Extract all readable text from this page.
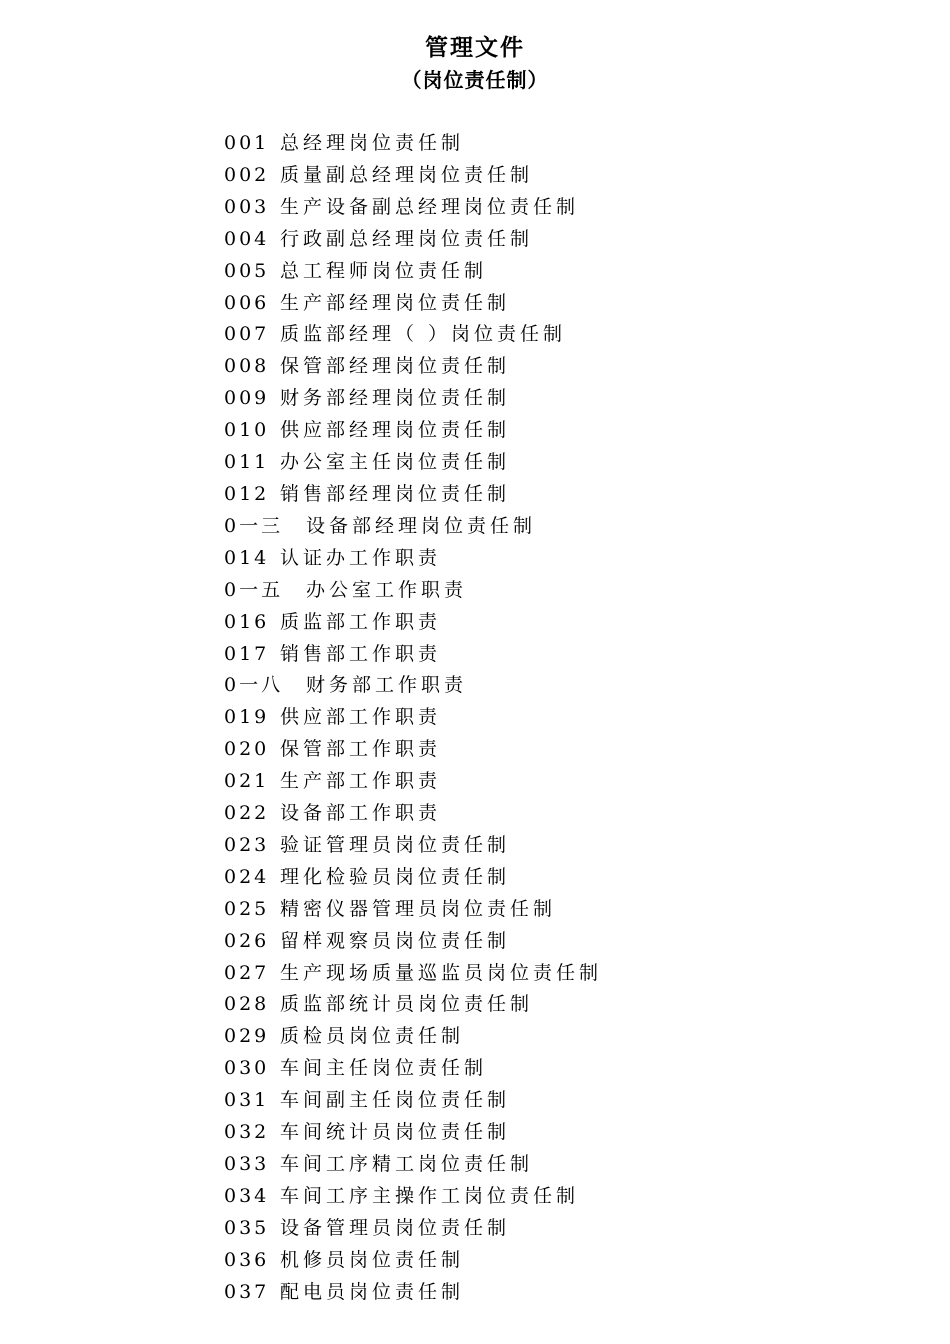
管理文件
（岗位责任制）
001 总经理岗位责任制
002 质量副总经理岗位责任制
003 生产设备副总经理岗位责任制
004 行政副总经理岗位责任制
005 总工程师岗位责任制
006 生产部经理岗位责任制
007 质监部经理（ ）岗位责任制
008 保管部经理岗位责任制
009 财务部经理岗位责任制
010 供应部经理岗位责任制
011 办公室主任岗位责任制
012 销售部经理岗位责任制
0一三 设备部经理岗位责任制
014 认证办工作职责
0一五 办公室工作职责
016 质监部工作职责
017 销售部工作职责
0一八 财务部工作职责
019 供应部工作职责
020 保管部工作职责
021 生产部工作职责
022 设备部工作职责
023 验证管理员岗位责任制
024 理化检验员岗位责任制
025 精密仪器管理员岗位责任制
026 留样观察员岗位责任制
027 生产现场质量巡监员岗位责任制
028 质监部统计员岗位责任制
029 质检员岗位责任制
030 车间主任岗位责任制
031 车间副主任岗位责任制
032 车间统计员岗位责任制
033 车间工序精工岗位责任制
034 车间工序主操作工岗位责任制
035 设备管理员岗位责任制
036 机修员岗位责任制
037 配电员岗位责任制
